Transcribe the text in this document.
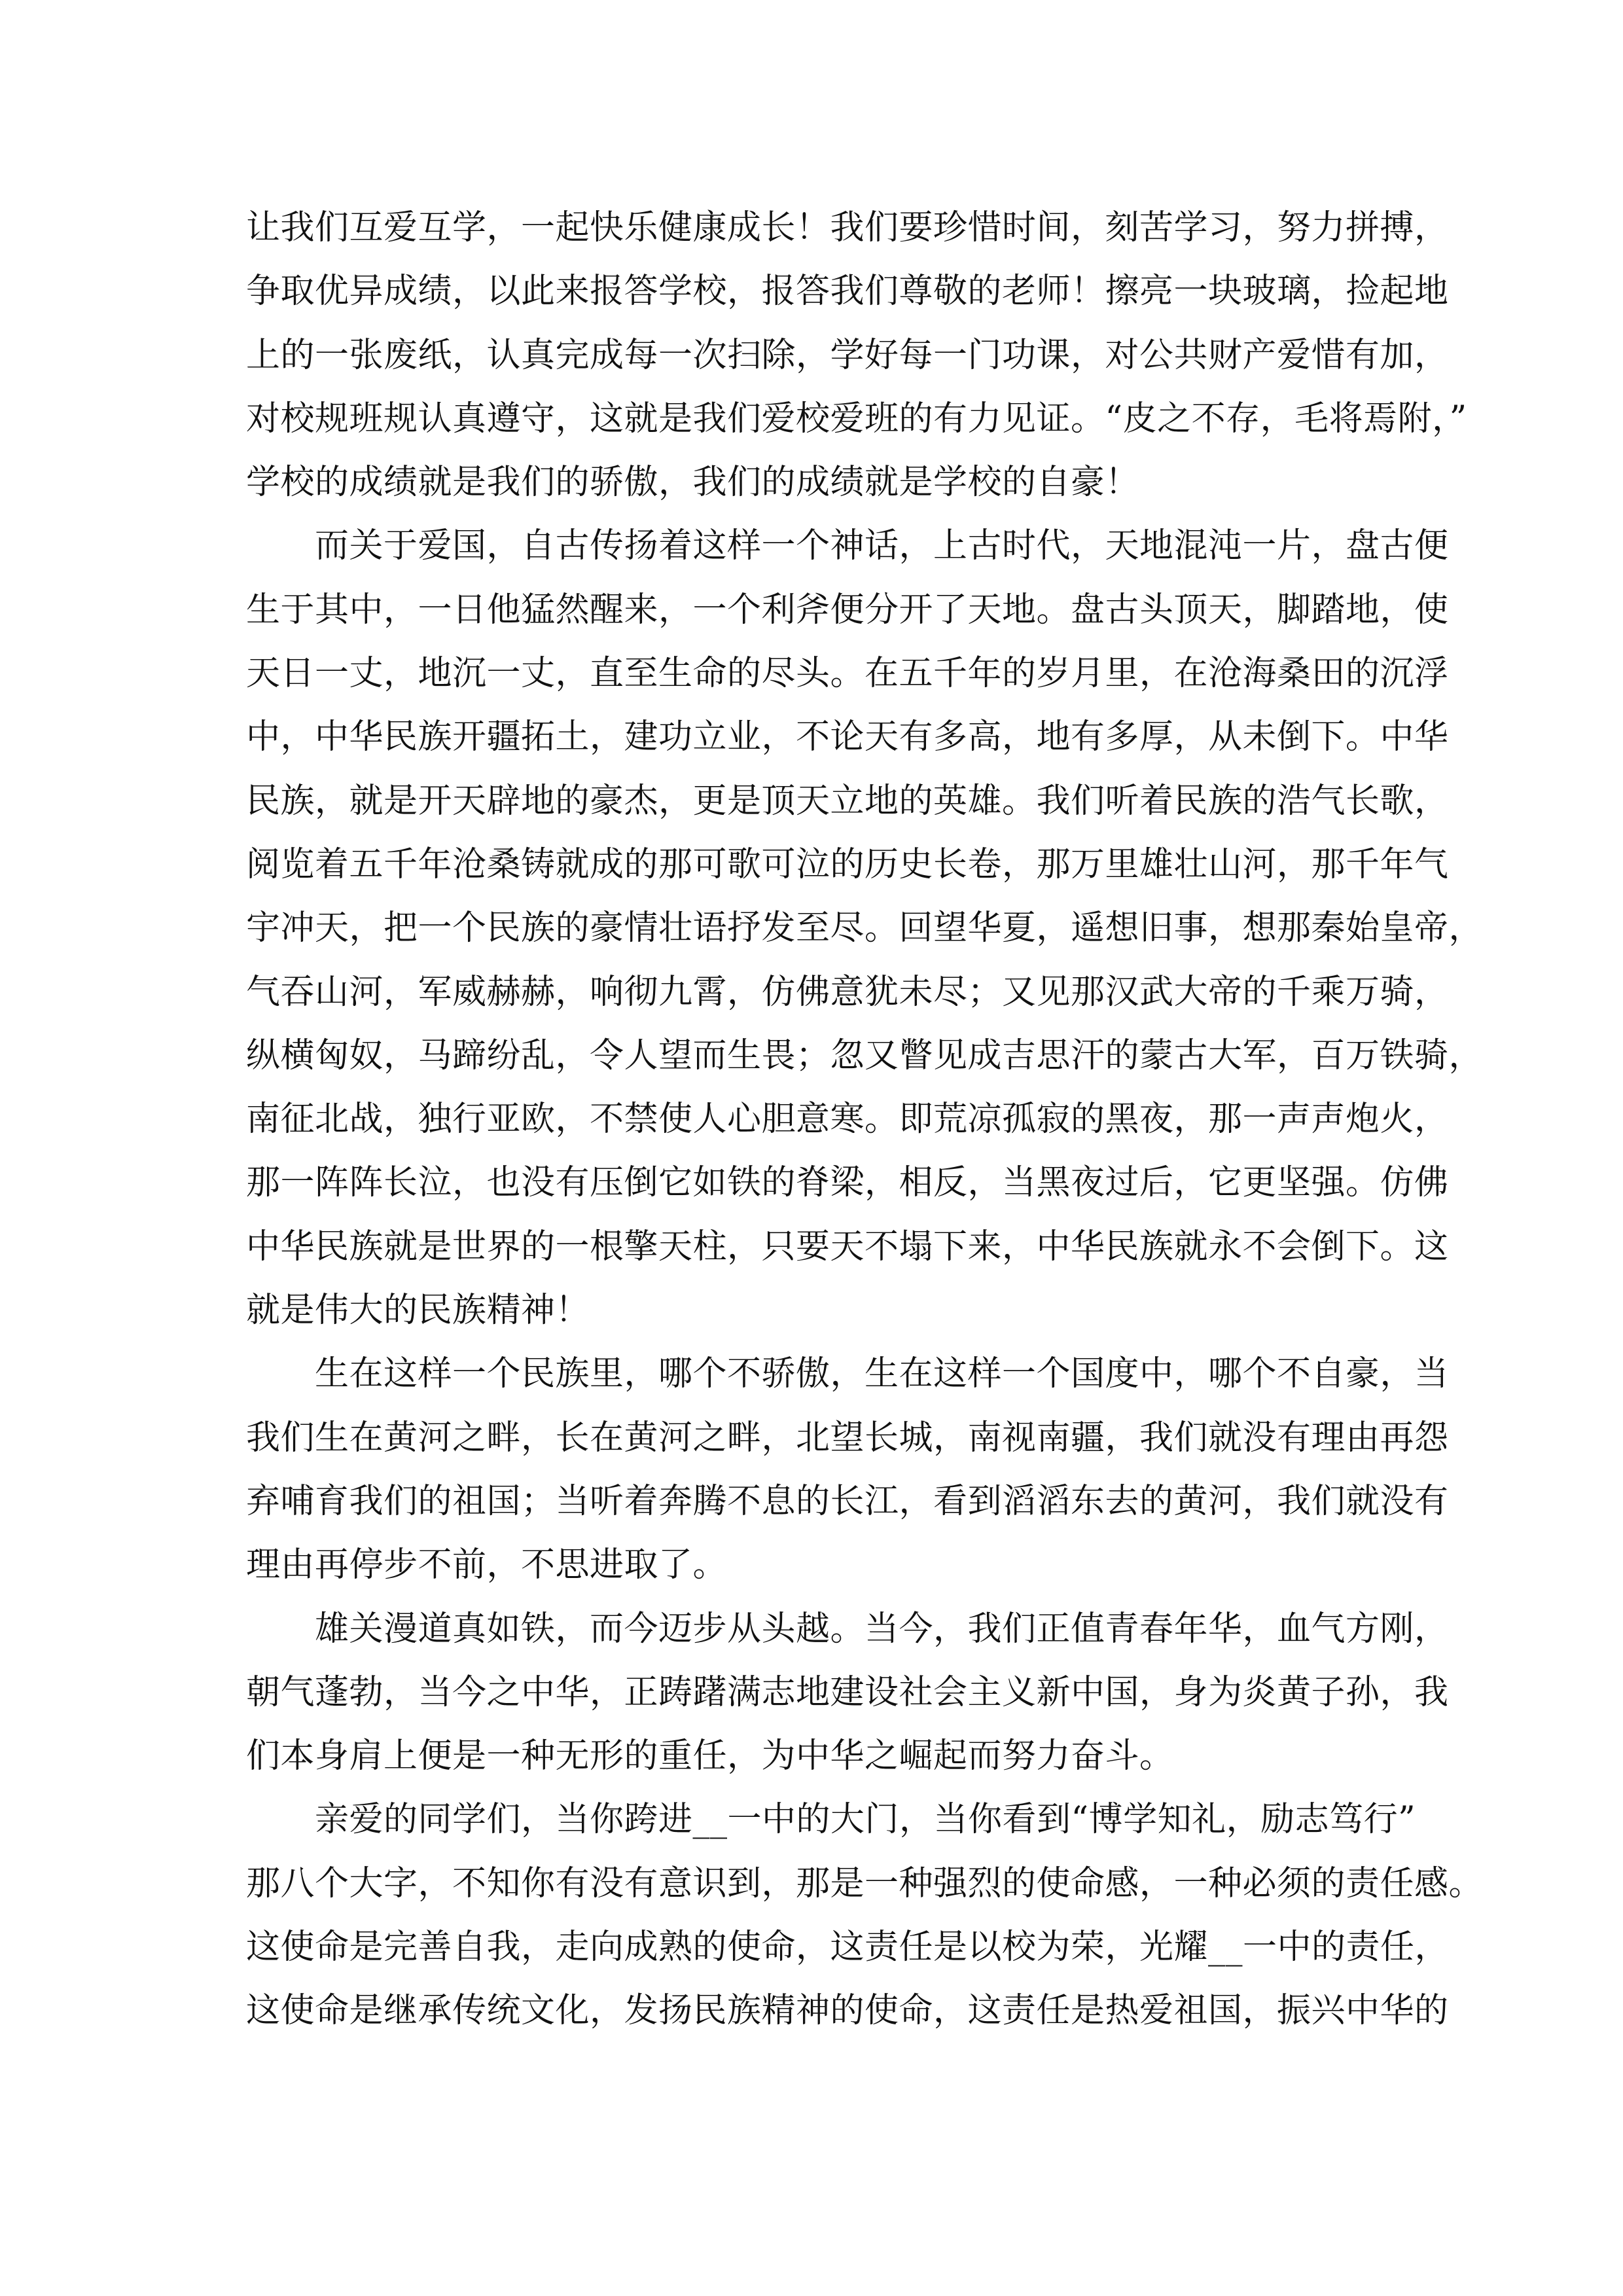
让我们互爱互学，一起快乐健康成长！我们要珍惜时间，刻苦学习，努力拼搏，
争取优异成绩，以此来报答学校，报答我们尊敬的老师！擦亮一块玻璃，捡起地
上的一张废纸，认真完成每一次扫除，学好每一门功课，对公共财产爱惜有加，
对校规班规认真遵守，这就是我们爱校爱班的有力见证。“皮之不存，毛将焉附，”
学校的成绩就是我们的骄傲，我们的成绩就是学校的自豪！
　　而关于爱国，自古传扬着这样一个神话，上古时代，天地混沌一片，盘古便
生于其中，一日他猛然醒来，一个利斧便分开了天地。盘古头顶天，脚踏地，使
天日一丈，地沉一丈，直至生命的尽头。在五千年的岁月里，在沧海桑田的沉浮
中，中华民族开疆拓土，建功立业，不论天有多高，地有多厚，从未倒下。中华
民族，就是开天辟地的豪杰，更是顶天立地的英雄。我们听着民族的浩气长歌，
阅览着五千年沧桑铸就成的那可歌可泣的历史长卷，那万里雄壮山河，那千年气
宇冲天，把一个民族的豪情壮语抒发至尽。回望华夏，遥想旧事，想那秦始皇帝，
气吞山河，军威赫赫，响彻九霄，仿佛意犹未尽；又见那汉武大帝的千乘万骑，
纵横匈奴，马蹄纷乱，令人望而生畏；忽又瞥见成吉思汗的蒙古大军，百万铁骑，
南征北战，独行亚欧，不禁使人心胆意寒。即荒凉孤寂的黑夜，那一声声炮火，
那一阵阵长泣，也没有压倒它如铁的脊梁，相反，当黑夜过后，它更坚强。仿佛
中华民族就是世界的一根擎天柱，只要天不塌下来，中华民族就永不会倒下。这
就是伟大的民族精神！
　　生在这样一个民族里，哪个不骄傲，生在这样一个国度中，哪个不自豪，当
我们生在黄河之畔，长在黄河之畔，北望长城，南视南疆，我们就没有理由再怨
弃哺育我们的祖国；当听着奔腾不息的长江，看到滔滔东去的黄河，我们就没有
理由再停步不前，不思进取了。
　　雄关漫道真如铁，而今迈步从头越。当今，我们正值青春年华，血气方刚，
朝气蓬勃，当今之中华，正踌躇满志地建设社会主义新中国，身为炎黄子孙，我
们本身肩上便是一种无形的重任，为中华之崛起而努力奋斗。
　　亲爱的同学们，当你跨进__一中的大门，当你看到“博学知礼，励志笃行”
那八个大字，不知你有没有意识到，那是一种强烈的使命感，一种必须的责任感。
这使命是完善自我，走向成熟的使命，这责任是以校为荣，光耀__一中的责任，
这使命是继承传统文化，发扬民族精神的使命，这责任是热爱祖国，振兴中华的
